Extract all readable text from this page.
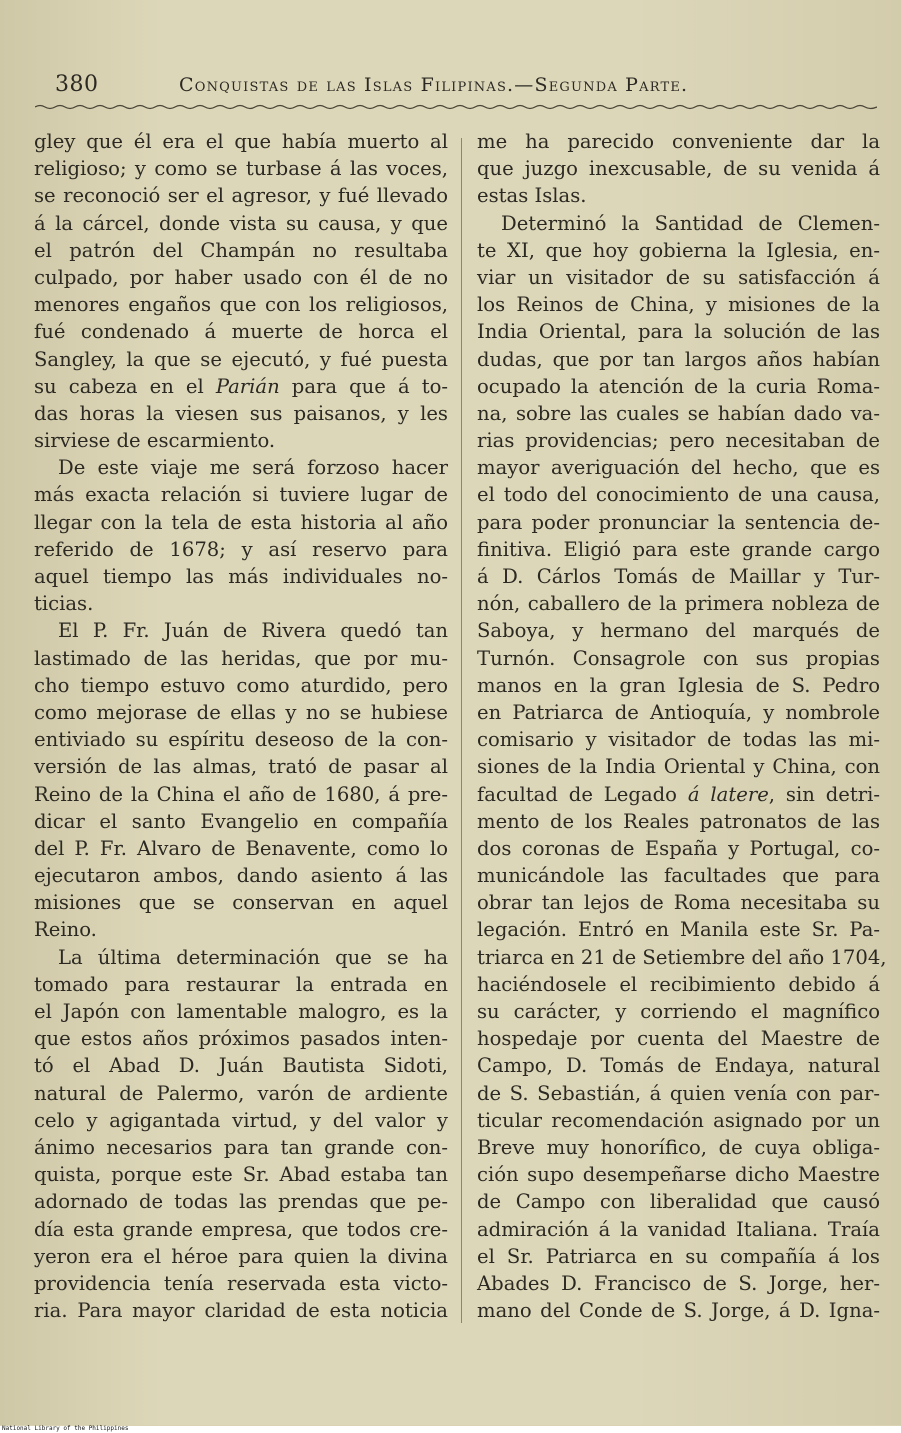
380	Conquistas de las Islas Filipinas.—Segunda Parte.
gley que él era el que había muerto al
religioso; y como se turbase á las voces,
se reconoció ser el agresor, y fué llevado
á la cárcel, donde vista su causa, y que
el patrón del Champán no resultaba
culpado, por haber usado con él de no
menores engaños que con los religiosos,
fué condenado á muerte de horca el
Sangley, la que se ejecutó, y fué puesta
su cabeza en el Parián para que á to-
das horas la viesen sus paisanos, y les
sirviese de escarmiento.
De este viaje me será forzoso hacer
más exacta relación si tuviere lugar de
llegar con la tela de esta historia al año
referido de 1678; y así reservo para
aquel tiempo las más individuales no-
ticias.
El P. Fr. Juán de Rivera quedó tan
lastimado de las heridas, que por mu-
cho tiempo estuvo como aturdido, pero
como mejorase de ellas y no se hubiese
entiviado su espíritu deseoso de la con-
versión de las almas, trató de pasar al
Reino de la China el año de 1680, á pre-
dicar el santo Evangelio en compañía
del P. Fr. Alvaro de Benavente, como lo
ejecutaron ambos, dando asiento á las
misiones que se conservan en aquel
Reino.
La última determinación que se ha
tomado para restaurar la entrada en
el Japón con lamentable malogro, es la
que estos años próximos pasados inten-
tó el Abad D. Juán Bautista Sidoti,
natural de Palermo, varón de ardiente
celo y agigantada virtud, y del valor y
ánimo necesarios para tan grande con-
quista, porque este Sr. Abad estaba tan
adornado de todas las prendas que pe-
día esta grande empresa, que todos cre-
yeron era el héroe para quien la divina
providencia tenía reservada esta victo-
ria. Para mayor claridad de esta noticia
me ha parecido conveniente dar la
que juzgo inexcusable, de su venida á
estas Islas.
Determinó la Santidad de Clemen-
te XI, que hoy gobierna la Iglesia, en-
viar un visitador de su satisfacción á
los Reinos de China, y misiones de la
India Oriental, para la solución de las
dudas, que por tan largos años habían
ocupado la atención de la curia Roma-
na, sobre las cuales se habían dado va-
rias providencias; pero necesitaban de
mayor averiguación del hecho, que es
el todo del conocimiento de una causa,
para poder pronunciar la sentencia de-
finitiva. Eligió para este grande cargo
á D. Cárlos Tomás de Maillar y Tur-
nón, caballero de la primera nobleza de
Saboya, y hermano del marqués de
Turnón. Consagrole con sus propias
manos en la gran Iglesia de S. Pedro
en Patriarca de Antioquía, y nombrole
comisario y visitador de todas las mi-
siones de la India Oriental y China, con
facultad de Legado á latere, sin detri-
mento de los Reales patronatos de las
dos coronas de España y Portugal, co-
municándole las facultades que para
obrar tan lejos de Roma necesitaba su
legación. Entró en Manila este Sr. Pa-
triarca en 21 de Setiembre del año 1704,
haciéndosele el recibimiento debido á
su carácter, y corriendo el magnífico
hospedaje por cuenta del Maestre de
Campo, D. Tomás de Endaya, natural
de S. Sebastián, á quien venía con par-
ticular recomendación asignado por un
Breve muy honorífico, de cuya obliga-
ción supo desempeñarse dicho Maestre
de Campo con liberalidad que causó
admiración á la vanidad Italiana. Traía
el Sr. Patriarca en su compañía á los
Abades D. Francisco de S. Jorge, her-
mano del Conde de S. Jorge, á D. Igna-
National Library of the Philippines
